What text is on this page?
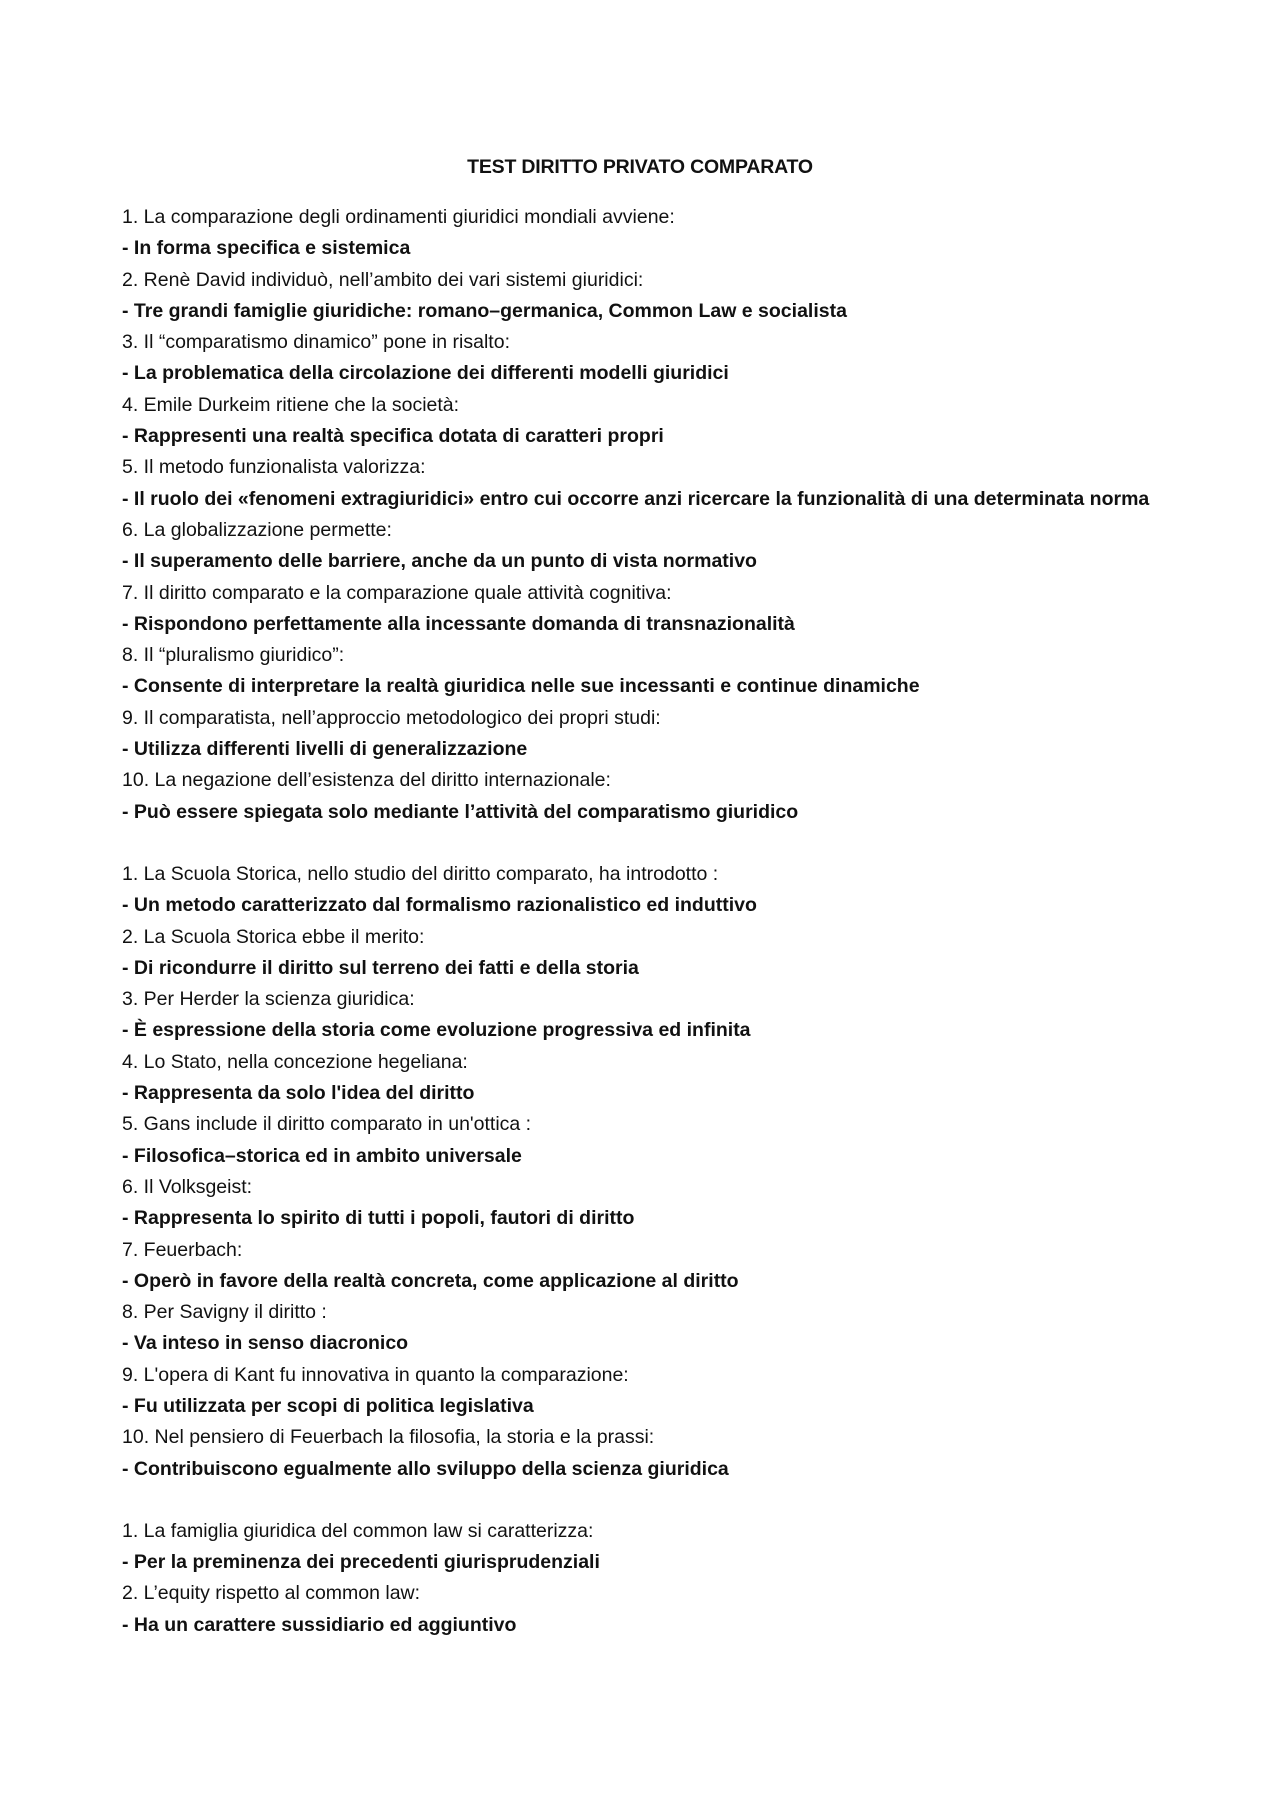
TEST DIRITTO PRIVATO COMPARATO

1. La comparazione degli ordinamenti giuridici mondiali avviene:

- In forma specifica e sistemica

2. Renè David individuò, nell’ambito dei vari sistemi giuridici:

- Tre grandi famiglie giuridiche: romano–germanica, Common Law e socialista

3. Il “comparatismo dinamico” pone in risalto:

- La problematica della circolazione dei differenti modelli giuridici

4. Emile Durkeim ritiene che la società:

- Rappresenti una realtà specifica dotata di caratteri propri

5. Il metodo funzionalista valorizza:

- Il ruolo dei «fenomeni extragiuridici» entro cui occorre anzi ricercare la funzionalità di una determinata norma

6. La globalizzazione permette:

- Il superamento delle barriere, anche da un punto di vista normativo

7. Il diritto comparato e la comparazione quale attività cognitiva:

- Rispondono perfettamente alla incessante domanda di transnazionalità

8. Il “pluralismo giuridico”:

- Consente di interpretare la realtà giuridica nelle sue incessanti e continue dinamiche

9. Il comparatista, nell’approccio metodologico dei propri studi:

- Utilizza differenti livelli di generalizzazione

10. La negazione dell’esistenza del diritto internazionale:

- Può essere spiegata solo mediante l’attività del comparatismo giuridico

1. La Scuola Storica, nello studio del diritto comparato, ha introdotto :

- Un metodo caratterizzato dal formalismo razionalistico ed induttivo

2. La Scuola Storica ebbe il merito:

- Di ricondurre il diritto sul terreno dei fatti e della storia

3. Per Herder la scienza giuridica:

- È espressione della storia come evoluzione progressiva ed infinita

4. Lo Stato, nella concezione hegeliana:

- Rappresenta da solo l'idea del diritto

5. Gans include il diritto comparato in un'ottica :

- Filosofica–storica ed in ambito universale

6. Il Volksgeist:

- Rappresenta lo spirito di tutti i popoli, fautori di diritto

7. Feuerbach:

- Operò in favore della realtà concreta, come applicazione al diritto

8. Per Savigny il diritto :

- Va inteso in senso diacronico

9. L'opera di Kant fu innovativa in quanto la comparazione:

- Fu utilizzata per scopi di politica legislativa

10. Nel pensiero di Feuerbach la filosofia, la storia e la prassi:

- Contribuiscono egualmente allo sviluppo della scienza giuridica

1. La famiglia giuridica del common law si caratterizza:

- Per la preminenza dei precedenti giurisprudenziali

2. L’equity rispetto al common law:

- Ha un carattere sussidiario ed aggiuntivo
